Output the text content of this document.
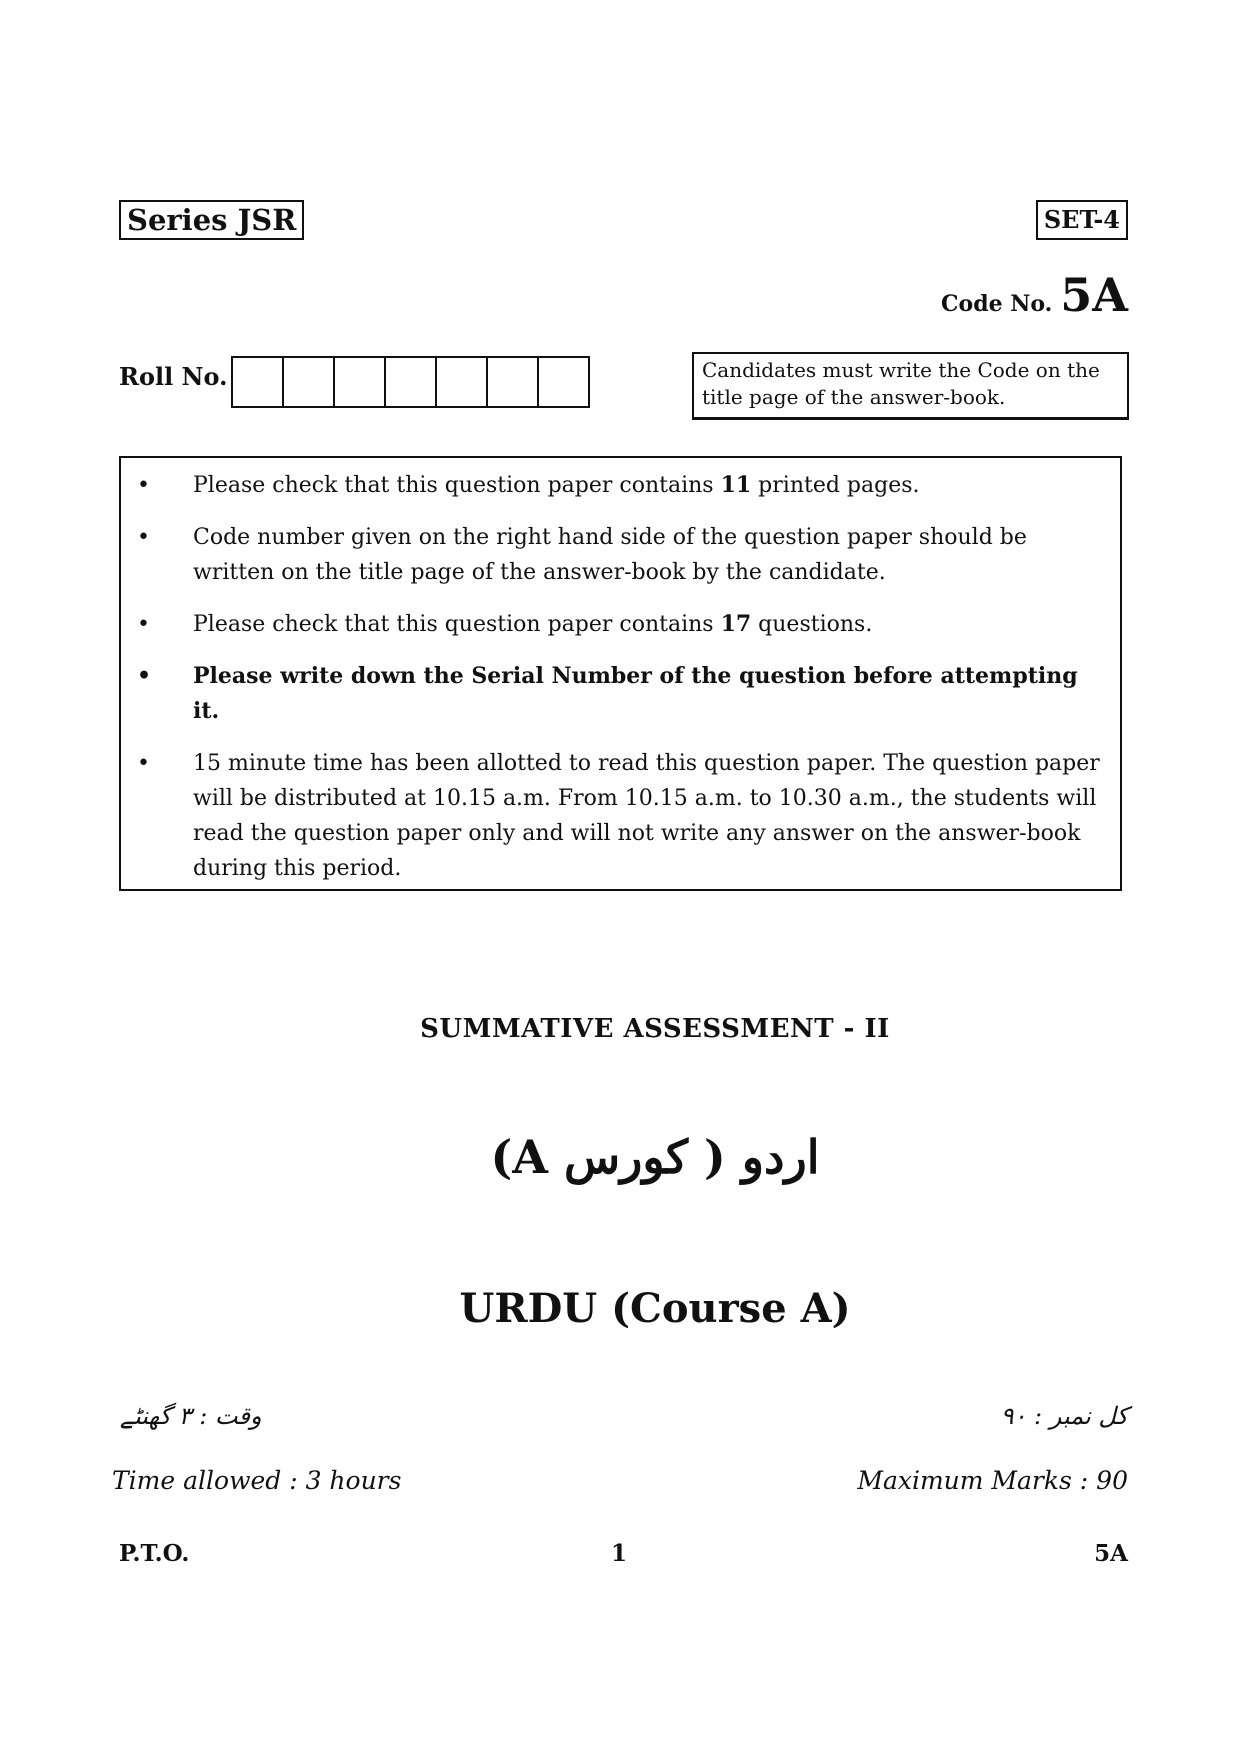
Series JSR	SET-4
Code No. 5A
Roll No.	Candidates must write the Code on the
title page of the answer-book.
• Please check that this question paper contains 11 printed pages.
• Code number given on the right hand side of the question paper should be written on the title page of the answer-book by the candidate.
• Please check that this question paper contains 17 questions.
• Please write down the Serial Number of the question before attempting it.
• 15 minute time has been allotted to read this question paper. The question paper will be distributed at 10.15 a.m. From 10.15 a.m. to 10.30 a.m., the students will read the question paper only and will not write any answer on the answer-book during this period.
SUMMATIVE ASSESSMENT - II
اردو ( کورس A)
URDU (Course A)
وقت : ۳ گھنٹے	کل نمبر : ۹۰
Time allowed : 3 hours	Maximum Marks : 90
P.T.O.	1	5A
